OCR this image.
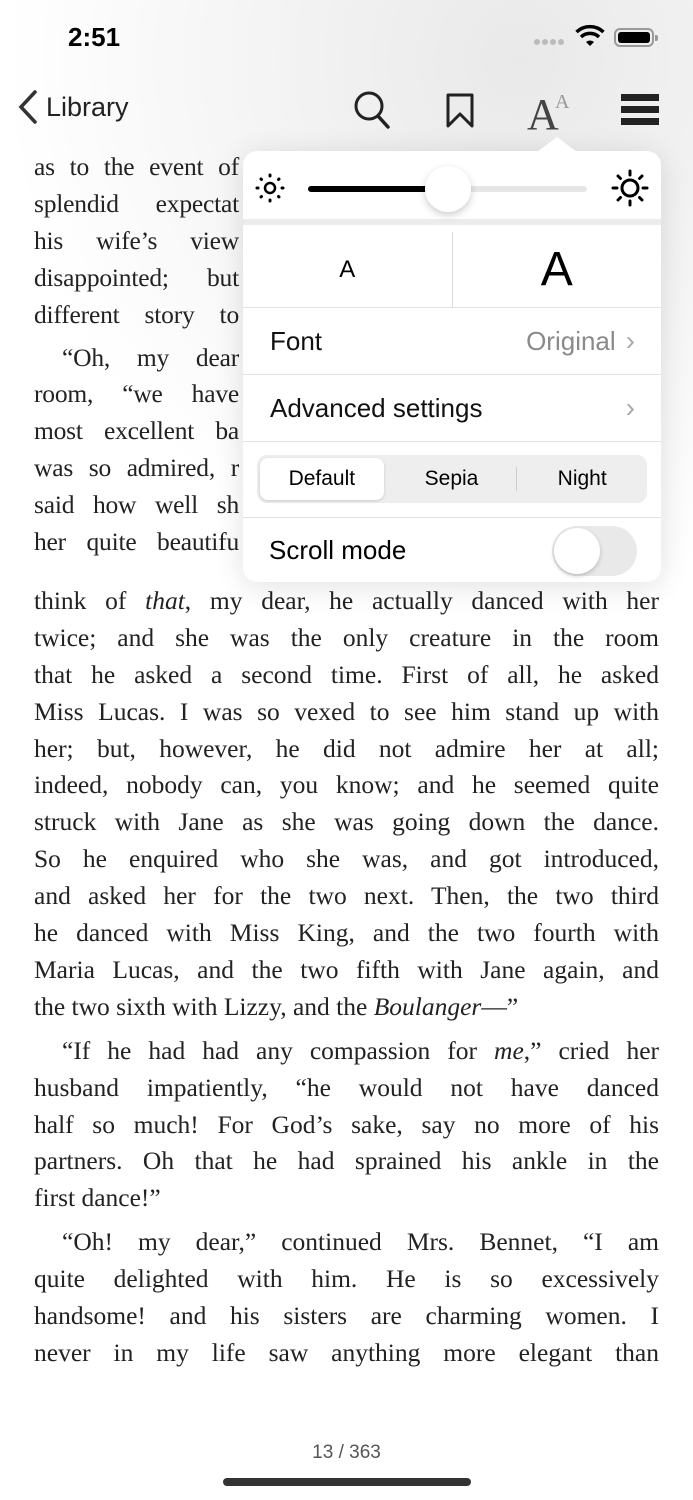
2:51
Library	A
A
as to the event of
splendid expectat
his wife’s view
disappointed; but
different story to
“Oh, my dear
room, “we have
most excellent ba
was so admired, r
said how well sh
her quite beautifu
think of that, my dear, he actually danced with her
twice; and she was the only creature in the room
that he asked a second time. First of all, he asked
Miss Lucas. I was so vexed to see him stand up with
her; but, however, he did not admire her at all;
indeed, nobody can, you know; and he seemed quite
struck with Jane as she was going down the dance.
So he enquired who she was, and got introduced,
and asked her for the two next. Then, the two third
he danced with Miss King, and the two fourth with
Maria Lucas, and the two fifth with Jane again, and
the two sixth with Lizzy, and the Boulanger—”
“If he had had any compassion for me,” cried her
husband impatiently, “he would not have danced
half so much! For God’s sake, say no more of his
partners. Oh that he had sprained his ankle in the
first dance!”
“Oh! my dear,” continued Mrs. Bennet, “I am
quite delighted with him. He is so excessively
handsome! and his sisters are charming women. I
never in my life saw anything more elegant than
A	A
Font	Original ›
Advanced settings	›
Default	Sepia	Night
Scroll mode
13 / 363
